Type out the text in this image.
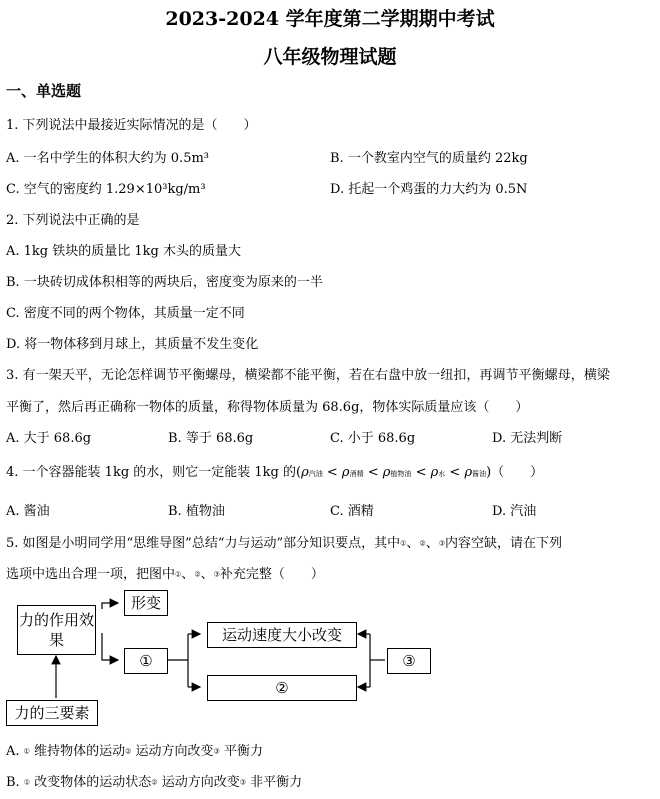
2023-2024 学年度第二学期期中考试
八年级物理试题
一、单选题
1. 下列说法中最接近实际情况的是（　　）
A. 一名中学生的体积大约为 0.5m³	B. 一个教室内空气的质量约 22kg
C. 空气的密度约 1.29×10³kg/m³	D. 托起一个鸡蛋的力大约为 0.5N
2. 下列说法中正确的是
A. 1kg 铁块的质量比 1kg 木头的质量大
B. 一块砖切成体积相等的两块后，密度变为原来的一半
C. 密度不同的两个物体，其质量一定不同
D. 将一物体移到月球上，其质量不发生变化
3. 有一架天平，无论怎样调节平衡螺母，横梁都不能平衡，若在右盘中放一纽扣，再调节平衡螺母，横梁
平衡了，然后再正确称一物体的质量，称得物体质量为 68.6g，物体实际质量应该（　　）
A. 大于 68.6g	B. 等于 68.6g	C. 小于 68.6g	D. 无法判断
4. 一个容器能装 1kg 的水，则它一定能装 1kg 的(ρ汽油 < ρ酒精 < ρ植物油 < ρ水 < ρ酱油)（　　）
A. 酱油	B. 植物油	C. 酒精	D. 汽油
5. 如图是小明同学用“思维导图”总结“力与运动”部分知识要点，其中①、②、③内容空缺，请在下列
选项中选出合理一项，把图中①、②、③补充完整（　　）
力的作用效果
形变
①
运动速度大小改变
②
③
力的三要素
A. ① 维持物体的运动② 运动方向改变③ 平衡力
B. ① 改变物体的运动状态② 运动方向改变③ 非平衡力
